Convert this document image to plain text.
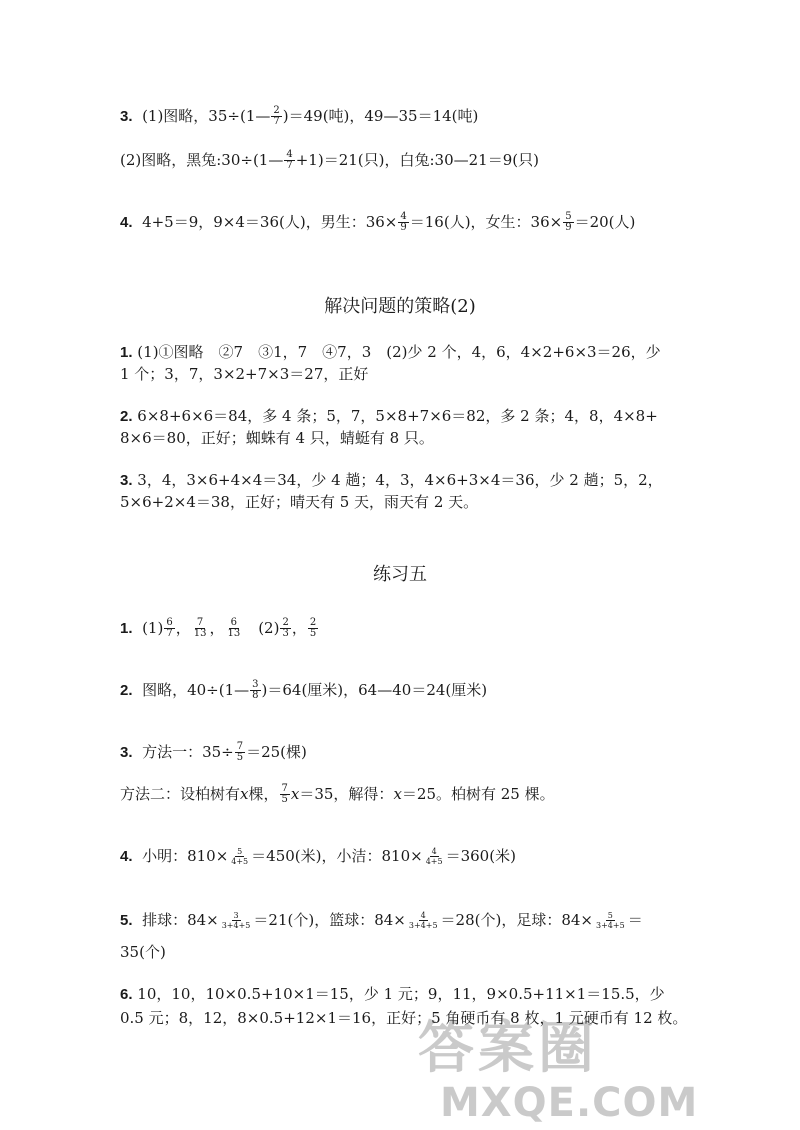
3. (1)图略，35÷(1— $\frac{2}{7} )=49$(吨)，49—35＝14(吨)
(2)图略，黑兔:30÷(1— $\frac{4}{7} +1)=21$(只)，白兔:30—21＝9(只)
4. 4+5＝9，9×4＝36(人)，男生：$36\times \frac{4}{9} =16$(人)，女生：$36\times \frac{5}{9} =20$(人)
解决问题的策略(2)
1. (1)①图略　②7　③1，7　④7，3　(2)少 2 个，4，6，4×2+6×3＝26，少
1 个；3，7，3×2+7×3＝27，正好
2. 6×8+6×6＝84，多 4 条；5，7，5×8+7×6＝82，多 2 条；4，8，4×8+
8×6＝80，正好；蜘蛛有 4 只，蜻蜓有 8 只。
3. 3，4，3×6+4×4＝34，少 4 趟；4，3，4×6+3×4＝36，少 2 趟；5，2，
5×6+2×4＝38，正好；晴天有 5 天，雨天有 2 天。
练习五
1. $(1) \frac{6}{7}$ ， $\frac{7}{13}$ ， $\frac{6}{13}$ 　$(2) \frac{2}{3}$ ， $\frac{2}{5}$
2. 图略，40÷(1— $\frac{3}{8} )=64$(厘米)，64—40＝24(厘米)
3. 方法一：$35\div \frac{7}{5} =25$(棵)
方法二：设柏树有x棵， $\frac{7}{5} x=35$，解得：x＝25。柏树有 25 棵。
4. 小明：$810\times \frac{5}{4+5} =450$(米)，小洁：$810\times \frac{4}{4+5} =360$(米)
5. 排球：$84\times \frac{3}{3+4+5} =21$(个)，篮球：$84\times \frac{4}{3+4+5} =28$(个)，足球：$84\times \frac{5}{3+4+5}$ ＝
35(个)
6. 10，10，10×0.5+10×1＝15，少 1 元；9，11，9×0.5+11×1＝15.5，少
0.5 元；8，12，8×0.5+12×1＝16，正好；5 角硬币有 8 枚，1 元硬币有 12 枚。
答案圈
MXQE.COM
